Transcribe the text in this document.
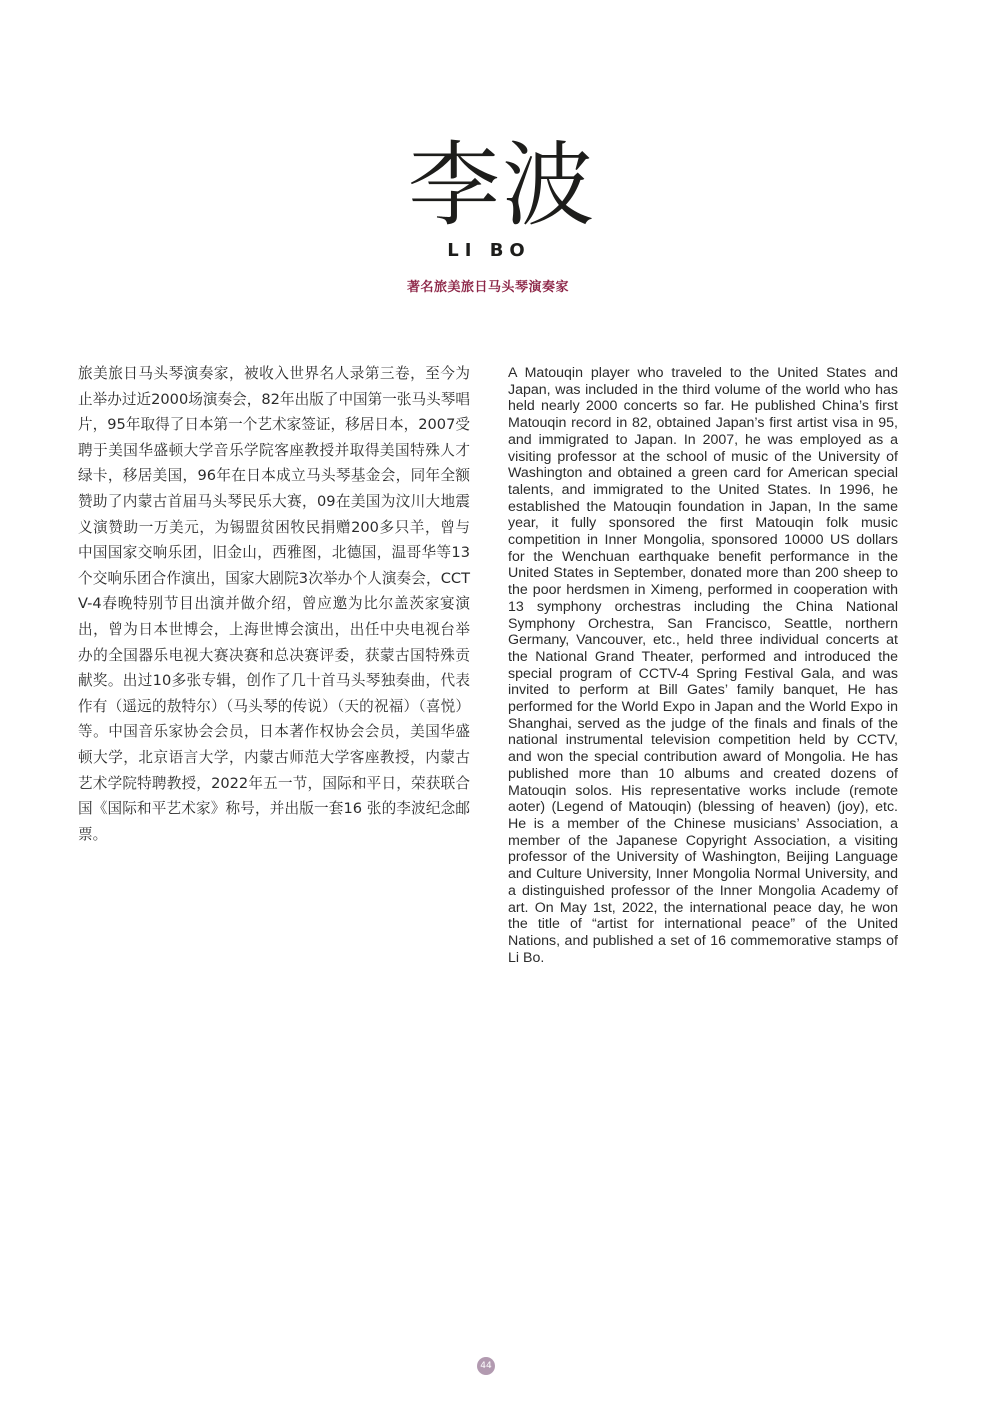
李波
LI BO
著名旅美旅日马头琴演奏家
旅美旅日马头琴演奏家，被收入世界名人录第三卷，至今为止举办过近2000场演奏会，82年出版了中国第一张马头琴唱片，95年取得了日本第一个艺术家签证，移居日本，2007受聘于美国华盛顿大学音乐学院客座教授并取得美国特殊人才绿卡，移居美国，96年在日本成立马头琴基金会，同年全额赞助了内蒙古首届马头琴民乐大赛，09在美国为汶川大地震义演赞助一万美元，为锡盟贫困牧民捐赠200多只羊，曾与中国国家交响乐团，旧金山，西雅图，北德国，温哥华等13个交响乐团合作演出，国家大剧院3次举办个人演奏会，CCTV-4春晚特别节目出演并做介绍，曾应邀为比尔盖茨家宴演出，曾为日本世博会，上海世博会演出，出任中央电视台举办的全国器乐电视大赛决赛和总决赛评委，获蒙古国特殊贡献奖。出过10多张专辑，创作了几十首马头琴独奏曲，代表作有（遥远的敖特尔）（马头琴的传说）（天的祝福）（喜悦）等。中国音乐家协会会员，日本著作权协会会员，美国华盛顿大学，北京语言大学，内蒙古师范大学客座教授，内蒙古艺术学院特聘教授，2022年五一节，国际和平日，荣获联合国《国际和平艺术家》称号，并出版一套16 张的李波纪念邮票。
A Matouqin player who traveled to the United States and Japan, was included in the third volume of the world who has held nearly 2000 concerts so far. He published China’s first Matouqin record in 82, obtained Japan’s first artist visa in 95, and immigrated to Japan. In 2007, he was employed as a visiting professor at the school of music of the University of Washington and obtained a green card for American special talents, and immigrated to the United States. In 1996, he established the Matouqin foundation in Japan, In the same year, it fully sponsored the first Matouqin folk music competition in Inner Mongolia, sponsored 10000 US dollars for the Wenchuan earthquake benefit performance in the United States in September, donated more than 200 sheep to the poor herdsmen in Ximeng, performed in cooperation with 13 symphony orchestras including the China National Symphony Orchestra, San Francisco, Seattle, northern Germany, Vancouver, etc., held three individual concerts at the National Grand Theater, performed and introduced the special program of CCTV-4 Spring Festival Gala, and was invited to perform at Bill Gates’ family banquet, He has performed for the World Expo in Japan and the World Expo in Shanghai, served as the judge of the finals and finals of the national instrumental television competition held by CCTV, and won the special contribution award of Mongolia. He has published more than 10 albums and created dozens of Matouqin solos. His representative works include (remote aoter) (Legend of Matouqin) (blessing of heaven) (joy), etc. He is a member of the Chinese musicians’ Association, a member of the Japanese Copyright Association, a visiting professor of the University of Washington, Beijing Language and Culture University, Inner Mongolia Normal University, and a distinguished professor of the Inner Mongolia Academy of art. On May 1st, 2022, the international peace day, he won the title of “artist for international peace” of the United Nations, and published a set of 16 commemorative stamps of Li Bo.
44
